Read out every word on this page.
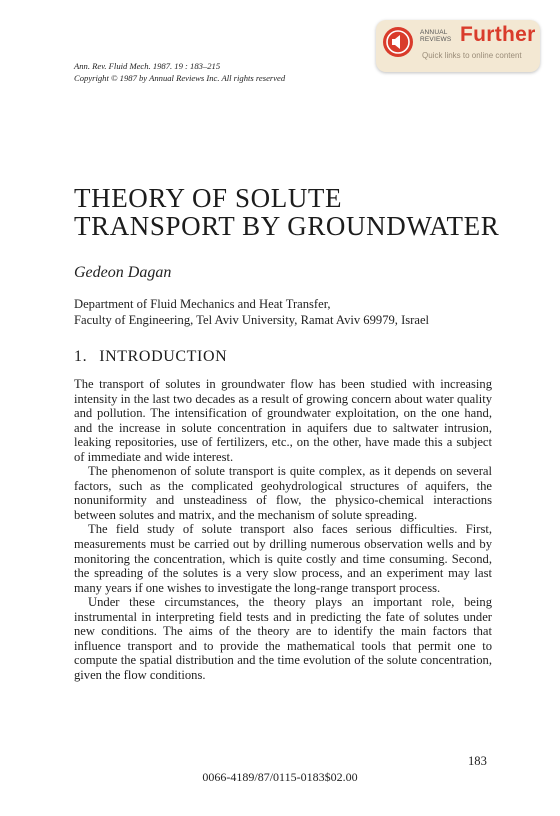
Ann. Rev. Fluid Mech. 1987. 19 : 183–215
Copyright © 1987 by Annual Reviews Inc. All rights reserved
ANNUAL
REVIEWS Further
Quick links to online content
THEORY OF SOLUTE
TRANSPORT BY GROUNDWATER
Gedeon Dagan
Department of Fluid Mechanics and Heat Transfer,
Faculty of Engineering, Tel Aviv University, Ramat Aviv 69979, Israel
1. INTRODUCTION

The transport of solutes in groundwater flow has been studied with increasing intensity in the last two decades as a result of growing concern about water quality and pollution. The intensification of groundwater exploitation, on the one hand, and the increase in solute concentration in aquifers due to saltwater intrusion, leaking repositories, use of fertilizers, etc., on the other, have made this a subject of immediate and wide interest.

The phenomenon of solute transport is quite complex, as it depends on several factors, such as the complicated geohydrological structures of aquifers, the nonuniformity and unsteadiness of flow, the physico-chemical interactions between solutes and matrix, and the mechanism of solute spreading.

The field study of solute transport also faces serious difficulties. First, measurements must be carried out by drilling numerous observation wells and by monitoring the concentration, which is quite costly and time consuming. Second, the spreading of the solutes is a very slow process, and an experiment may last many years if one wishes to investigate the long-range transport process.

Under these circumstances, the theory plays an important role, being instrumental in interpreting field tests and in predicting the fate of solutes under new conditions. The aims of the theory are to identify the main factors that influence transport and to provide the mathematical tools that permit one to compute the spatial distribution and the time evolution of the solute concentration, given the flow conditions.

183
0066-4189/87/0115-0183$02.00
